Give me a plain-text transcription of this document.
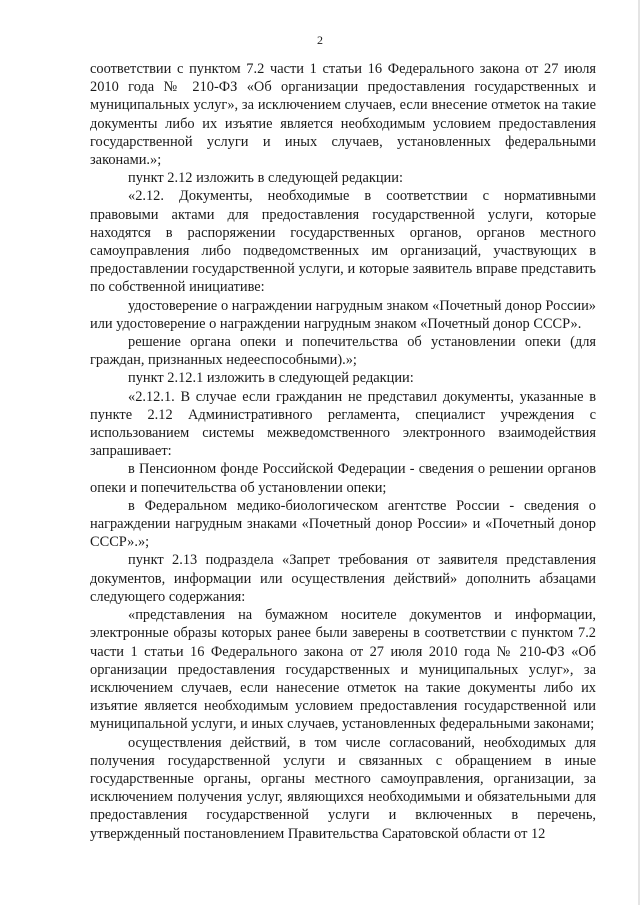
2

соответствии с пунктом 7.2 части 1 статьи 16 Федерального закона от 27 июля 2010 года № 210-ФЗ «Об организации предоставления государственных и муниципальных услуг», за исключением случаев, если внесение отметок на такие документы либо их изъятие является необходимым условием предоставления государственной услуги и иных случаев, установленных федеральными законами.»;

пункт 2.12 изложить в следующей редакции:

«2.12. Документы, необходимые в соответствии с нормативными правовыми актами для предоставления государственной услуги, которые находятся в распоряжении государственных органов, органов местного самоуправления либо подведомственных им организаций, участвующих в предоставлении государственной услуги, и которые заявитель вправе представить по собственной инициативе:

удостоверение о награждении нагрудным знаком «Почетный донор России» или удостоверение о награждении нагрудным знаком «Почетный донор СССР».

решение органа опеки и попечительства об установлении опеки (для граждан, признанных недееспособными).»;

пункт 2.12.1 изложить в следующей редакции:

«2.12.1. В случае если гражданин не представил документы, указанные в пункте 2.12 Административного регламента, специалист учреждения с использованием системы межведомственного электронного взаимодействия запрашивает:

в Пенсионном фонде Российской Федерации - сведения о решении органов опеки и попечительства об установлении опеки;

в Федеральном медико-биологическом агентстве России - сведения о награждении нагрудным знаками «Почетный донор России» и «Почетный донор СССР».»;

пункт 2.13 подраздела «Запрет требования от заявителя представления документов, информации или осуществления действий» дополнить абзацами следующего содержания:

«представления на бумажном носителе документов и информации, электронные образы которых ранее были заверены в соответствии с пунктом 7.2 части 1 статьи 16 Федерального закона от 27 июля 2010 года № 210-ФЗ «Об организации предоставления государственных и муниципальных услуг», за исключением случаев, если нанесение отметок на такие документы либо их изъятие является необходимым условием предоставления государственной или муниципальной услуги, и иных случаев, установленных федеральными законами;

осуществления действий, в том числе согласований, необходимых для получения государственной услуги и связанных с обращением в иные государственные органы, органы местного самоуправления, организации, за исключением получения услуг, являющихся необходимыми и обязательными для предоставления государственной услуги и включенных в перечень, утвержденный постановлением Правительства Саратовской области от 12
